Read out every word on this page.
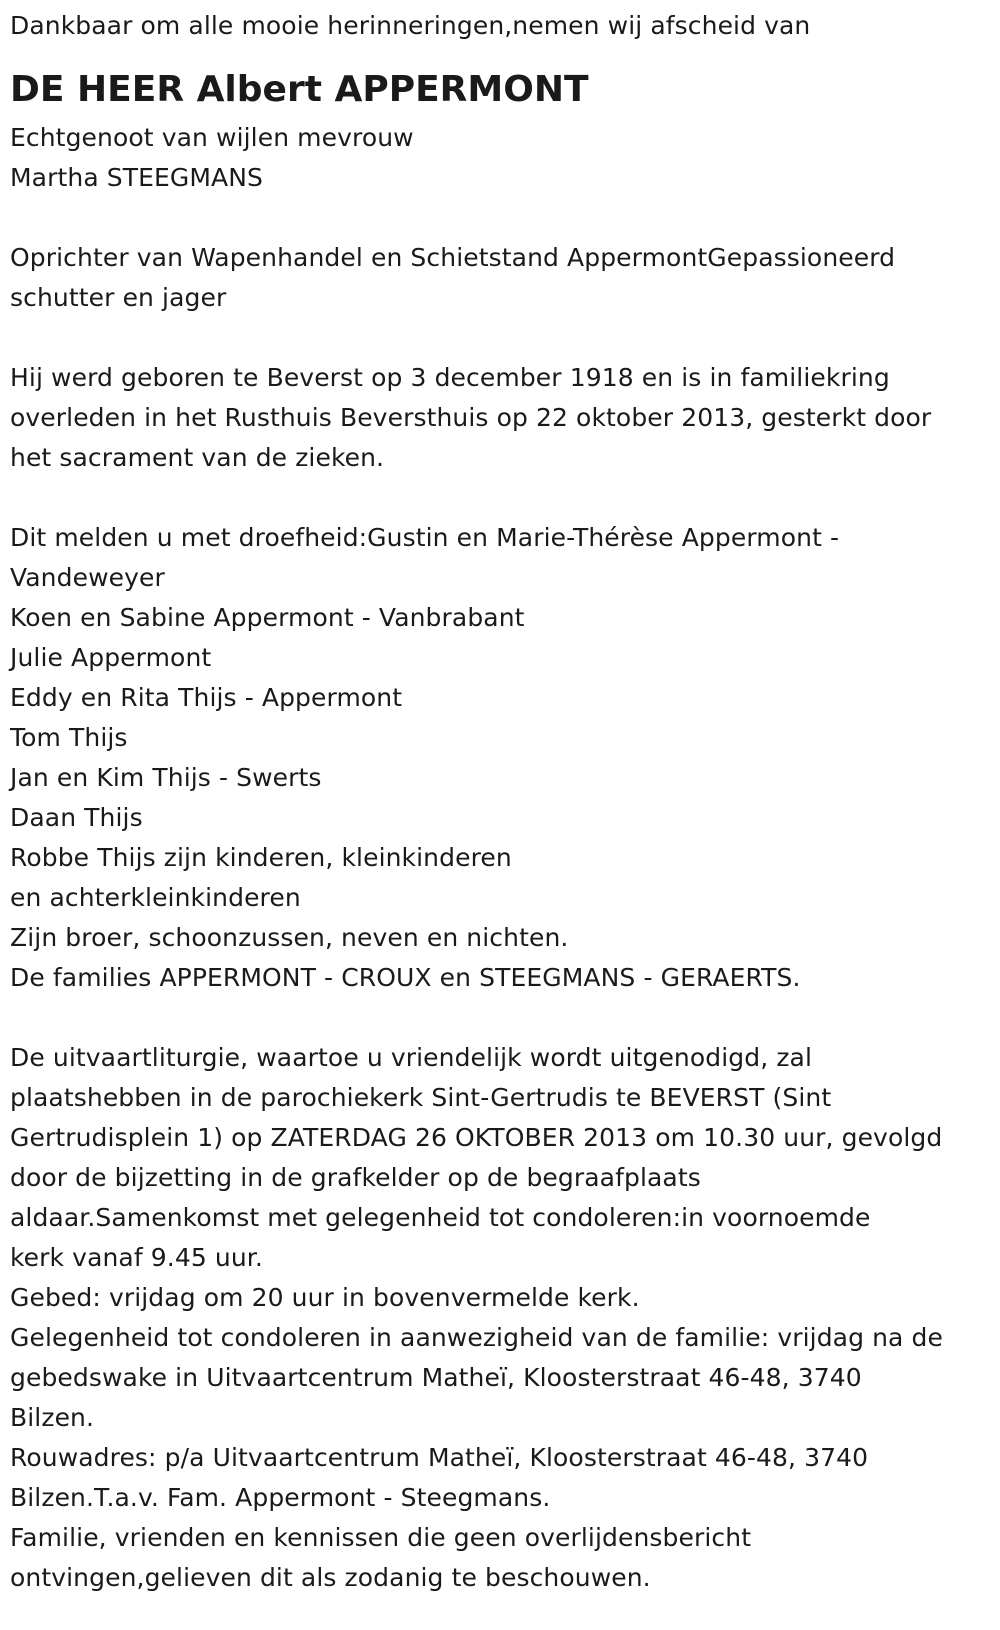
Dankbaar om alle mooie herinneringen,nemen wij afscheid van
DE HEER Albert APPERMONT
Echtgenoot van wijlen mevrouw
Martha STEEGMANS
Oprichter van Wapenhandel en Schietstand AppermontGepassioneerd
schutter en jager
Hij werd geboren te Beverst op 3 december 1918 en is in familiekring
overleden in het Rusthuis Beversthuis op 22 oktober 2013, gesterkt door
het sacrament van de zieken.
Dit melden u met droefheid:Gustin en Marie-Thérèse Appermont -
Vandeweyer
Koen en Sabine Appermont - Vanbrabant
Julie Appermont
Eddy en Rita Thijs - Appermont
Tom Thijs
Jan en Kim Thijs - Swerts
Daan Thijs
Robbe Thijs zijn kinderen, kleinkinderen
en achterkleinkinderen
Zijn broer, schoonzussen, neven en nichten.
De families APPERMONT - CROUX en STEEGMANS - GERAERTS.
De uitvaartliturgie, waartoe u vriendelijk wordt uitgenodigd, zal
plaatshebben in de parochiekerk Sint-Gertrudis te BEVERST (Sint
Gertrudisplein 1) op ZATERDAG 26 OKTOBER 2013 om 10.30 uur, gevolgd
door de bijzetting in de grafkelder op de begraafplaats
aldaar.Samenkomst met gelegenheid tot condoleren:in voornoemde
kerk vanaf 9.45 uur.
Gebed: vrijdag om 20 uur in bovenvermelde kerk.
Gelegenheid tot condoleren in aanwezigheid van de familie: vrijdag na de
gebedswake in Uitvaartcentrum Matheï, Kloosterstraat 46-48, 3740
Bilzen.
Rouwadres: p/a Uitvaartcentrum Matheï, Kloosterstraat 46-48, 3740
Bilzen.T.a.v. Fam. Appermont - Steegmans.
Familie, vrienden en kennissen die geen overlijdensbericht
ontvingen,gelieven dit als zodanig te beschouwen.
